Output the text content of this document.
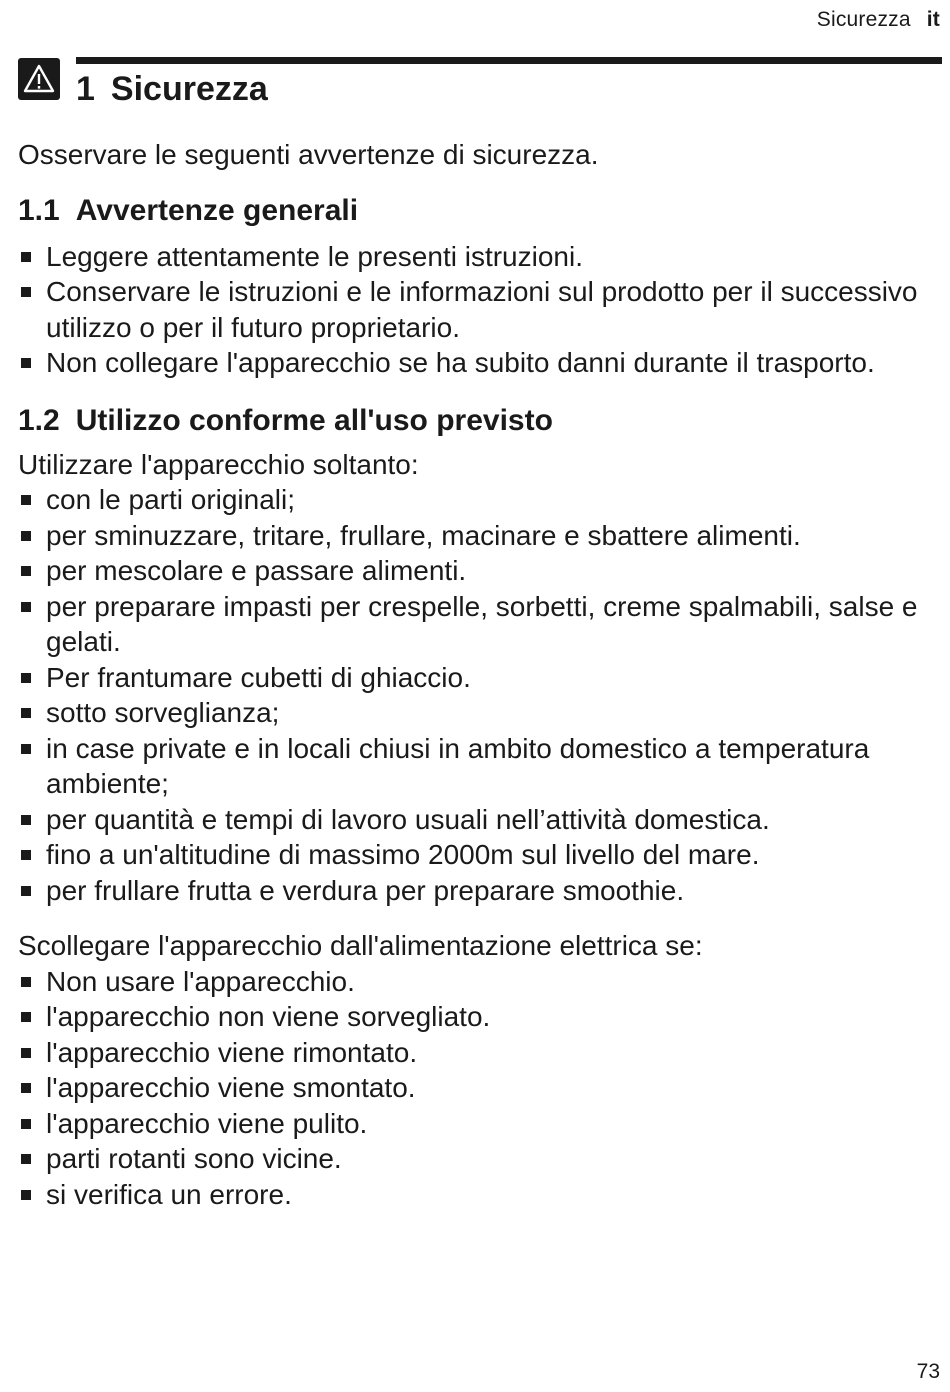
Sicurezza it
1 Sicurezza

Osservare le seguenti avvertenze di sicurezza.

1.1 Avvertenze generali
Leggere attentamente le presenti istruzioni.
Conservare le istruzioni e le informazioni sul prodotto per il successivo utilizzo o per il futuro proprietario.
Non collegare l'apparecchio se ha subito danni durante il trasporto.
1.2 Utilizzo conforme all'uso previsto

Utilizzare l'apparecchio soltanto:

con le parti originali;
per sminuzzare, tritare, frullare, macinare e sbattere alimenti.
per mescolare e passare alimenti.
per preparare impasti per crespelle, sorbetti, creme spalmabili, salse e gelati.
Per frantumare cubetti di ghiaccio.
sotto sorveglianza;
in case private e in locali chiusi in ambito domestico a temperatura ambiente;
per quantità e tempi di lavoro usuali nell’attività domestica.
fino a un'altitudine di massimo 2000m sul livello del mare.
per frullare frutta e verdura per preparare smoothie.

Scollegare l'apparecchio dall'alimentazione elettrica se:

Non usare l'apparecchio.
l'apparecchio non viene sorvegliato.
l'apparecchio viene rimontato.
l'apparecchio viene smontato.
l'apparecchio viene pulito.
parti rotanti sono vicine.
si verifica un errore.
73
